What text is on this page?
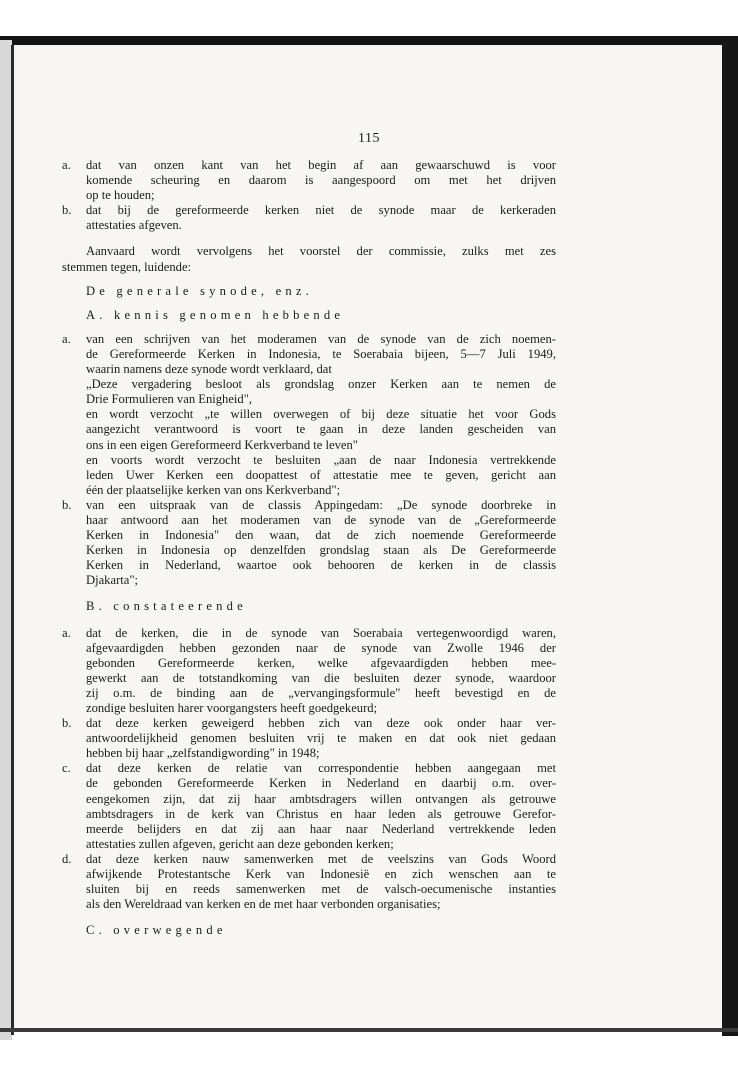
115
a. dat van onzen kant van het begin af aan gewaarschuwd is voor
komende scheuring en daarom is aangespoord om met het drijven
op te houden;
b. dat bij de gereformeerde kerken niet de synode maar de kerkeraden
attestaties afgeven.
Aanvaard wordt vervolgens het voorstel der commissie, zulks met zes
stemmen tegen, luidende:
De generale synode, enz.
A. kennis genomen hebbende
a. van een schrijven van het moderamen van de synode van de zich noemen-
de Gereformeerde Kerken in Indonesia, te Soerabaia bijeen, 5—7 Juli 1949,
waarin namens deze synode wordt verklaard, dat
„Deze vergadering besloot als grondslag onzer Kerken aan te nemen de
Drie Formulieren van Enigheid",
en wordt verzocht „te willen overwegen of bij deze situatie het voor Gods
aangezicht verantwoord is voort te gaan in deze landen gescheiden van
ons in een eigen Gereformeerd Kerkverband te leven"
en voorts wordt verzocht te besluiten „aan de naar Indonesia vertrekkende
leden Uwer Kerken een doopattest of attestatie mee te geven, gericht aan
één der plaatselijke kerken van ons Kerkverband";
b. van een uitspraak van de classis Appingedam: „De synode doorbreke in
haar antwoord aan het moderamen van de synode van de „Gereformeerde
Kerken in Indonesia" den waan, dat de zich noemende Gereformeerde
Kerken in Indonesia op denzelfden grondslag staan als De Gereformeerde
Kerken in Nederland, waartoe ook behooren de kerken in de classis
Djakarta";
B. constateerende
a. dat de kerken, die in de synode van Soerabaia vertegenwoordigd waren,
afgevaardigden hebben gezonden naar de synode van Zwolle 1946 der
gebonden Gereformeerde kerken, welke afgevaardigden hebben mee-
gewerkt aan de totstandkoming van die besluiten dezer synode, waardoor
zij o.m. de binding aan de „vervangingsformule" heeft bevestigd en de
zondige besluiten harer voorgangsters heeft goedgekeurd;
b. dat deze kerken geweigerd hebben zich van deze ook onder haar ver-
antwoordelijkheid genomen besluiten vrij te maken en dat ook niet gedaan
hebben bij haar „zelfstandigwording" in 1948;
c. dat deze kerken de relatie van correspondentie hebben aangegaan met
de gebonden Gereformeerde Kerken in Nederland en daarbij o.m. over-
eengekomen zijn, dat zij haar ambtsdragers willen ontvangen als getrouwe
ambtsdragers in de kerk van Christus en haar leden als getrouwe Gerefor-
meerde belijders en dat zij aan haar naar Nederland vertrekkende leden
attestaties zullen afgeven, gericht aan deze gebonden kerken;
d. dat deze kerken nauw samenwerken met de veelszins van Gods Woord
afwijkende Protestantsche Kerk van Indonesië en zich wenschen aan te
sluiten bij en reeds samenwerken met de valsch-oecumenische instanties
als den Wereldraad van kerken en de met haar verbonden organisaties;
C. overwegende
